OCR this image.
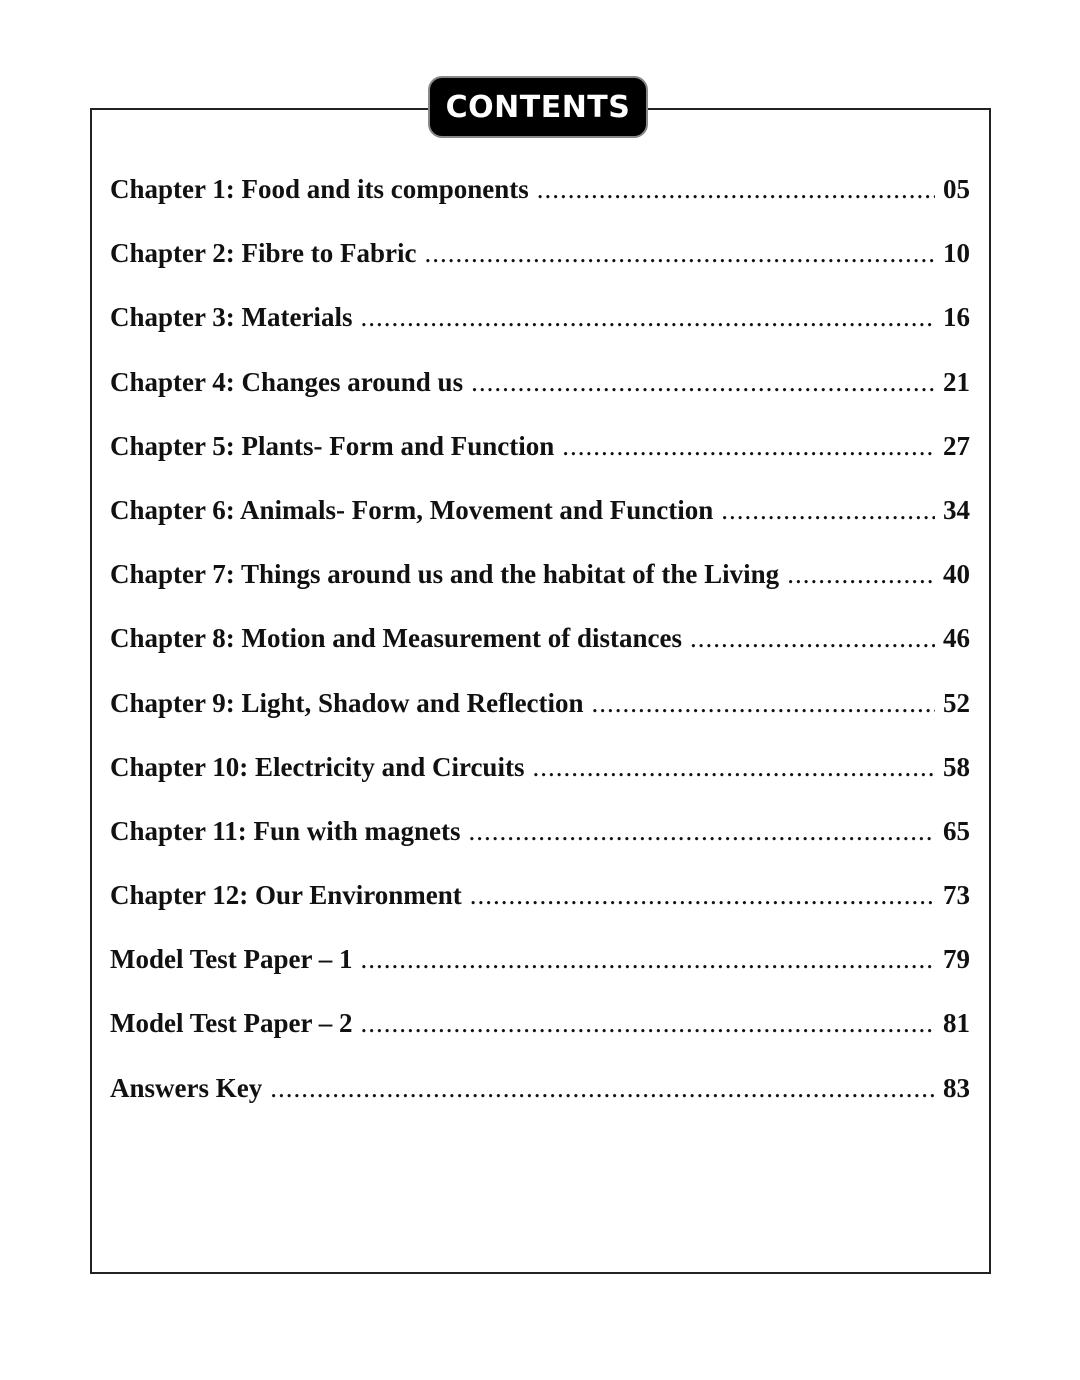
CONTENTS
Chapter 1: Food and its components .....	05
Chapter 2: Fibre to Fabric .....	10
Chapter 3: Materials .....	16
Chapter 4: Changes around us .....	21
Chapter 5: Plants- Form and Function .....	27
Chapter 6: Animals- Form, Movement and Function .....	34
Chapter 7: Things around us and the habitat of the Living .....	40
Chapter 8: Motion and Measurement of distances .....	46
Chapter 9: Light, Shadow and Reflection .....	52
Chapter 10: Electricity and Circuits .....	58
Chapter 11: Fun with magnets .....	65
Chapter 12: Our Environment .....	73
Model Test Paper – 1 .....	79
Model Test Paper – 2 .....	81
Answers Key .....	83
